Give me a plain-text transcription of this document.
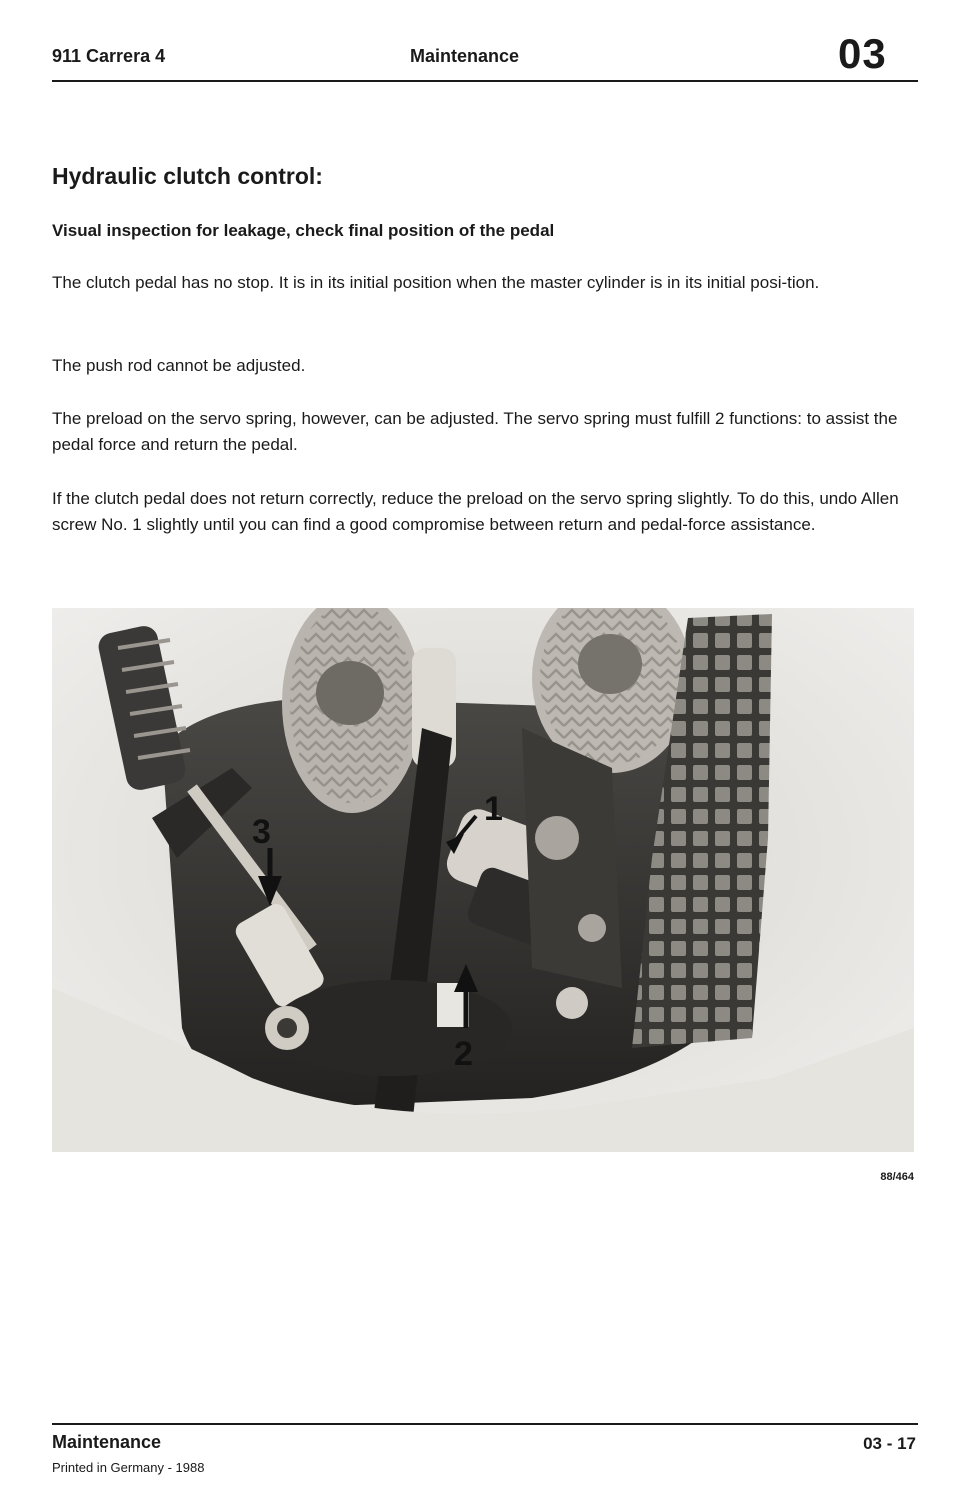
911 Carrera 4	Maintenance	03
Hydraulic clutch control:
Visual inspection for leakage, check final position of the pedal

The clutch pedal has no stop. It is in its initial position when the master cylinder is in its initial posi-tion.

The push rod cannot be adjusted.

The preload on the servo spring, however, can be adjusted. The servo spring must fulfill 2 functions: to assist the pedal force and return the pedal.

If the clutch pedal does not return correctly, reduce the preload on the servo spring slightly. To do this, undo Allen screw No. 1 slightly until you can find a good compromise between return and pedal-force assistance.

3
1
2
88/464
Maintenance	03 - 17
Printed in Germany - 1988
